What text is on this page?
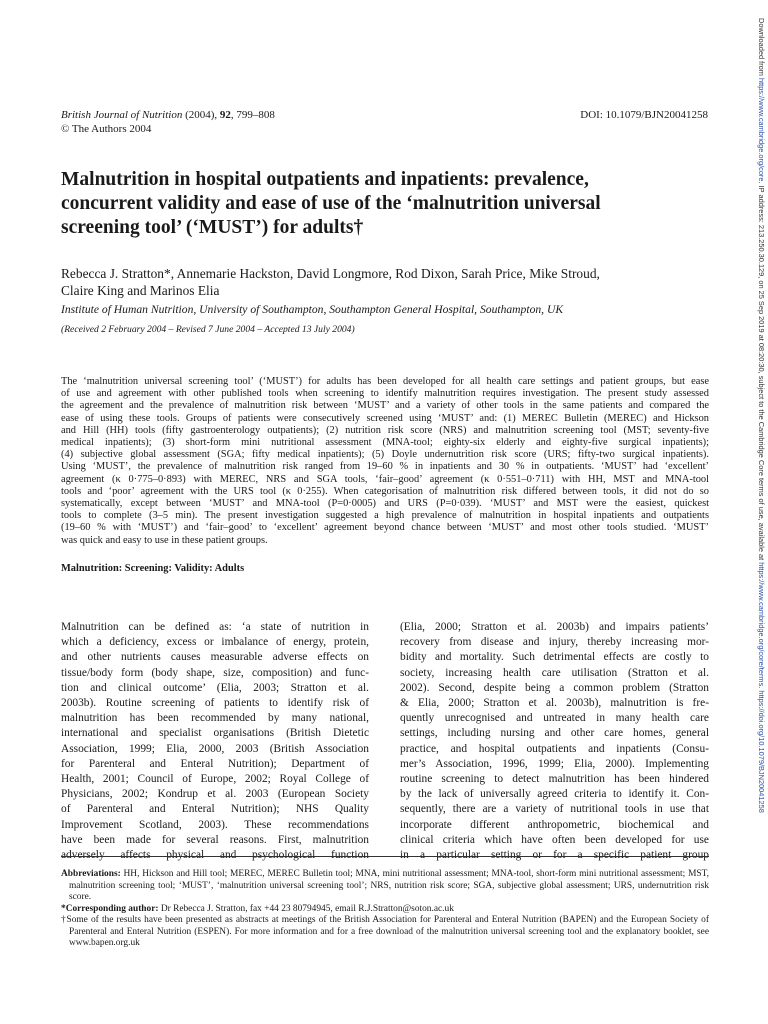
Downloaded from https://www.cambridge.org/core. IP address: 213.250.30.129, on 25 Sep 2019 at 08:20:30, subject to the Cambridge Core terms of use, available at https://www.cambridge.org/core/terms. https://doi.org/10.1079/BJN20041258
British Journal of Nutrition (2004), 92, 799–808
© The Authors 2004
DOI: 10.1079/BJN20041258
Malnutrition in hospital outpatients and inpatients: prevalence,
concurrent validity and ease of use of the ‘malnutrition universal
screening tool’ (‘MUST’) for adults†
Rebecca J. Stratton*, Annemarie Hackston, David Longmore, Rod Dixon, Sarah Price, Mike Stroud,
Claire King and Marinos Elia
Institute of Human Nutrition, University of Southampton, Southampton General Hospital, Southampton, UK
(Received 2 February 2004 – Revised 7 June 2004 – Accepted 13 July 2004)
The ‘malnutrition universal screening tool’ (‘MUST’) for adults has been developed for all health care settings and patient groups, but ease
of use and agreement with other published tools when screening to identify malnutrition requires investigation. The present study assessed
the agreement and the prevalence of malnutrition risk between ‘MUST’ and a variety of other tools in the same patients and compared the
ease of using these tools. Groups of patients were consecutively screened using ‘MUST’ and: (1) MEREC Bulletin (MEREC) and Hickson
and Hill (HH) tools (fifty gastroenterology outpatients); (2) nutrition risk score (NRS) and malnutrition screening tool (MST; seventy-five
medical inpatients); (3) short-form mini nutritional assessment (MNA-tool; eighty-six elderly and eighty-five surgical inpatients);
(4) subjective global assessment (SGA; fifty medical inpatients); (5) Doyle undernutrition risk score (URS; fifty-two surgical inpatients).
Using ‘MUST’, the prevalence of malnutrition risk ranged from 19–60 % in inpatients and 30 % in outpatients. ‘MUST’ had ‘excellent’
agreement (κ 0·775–0·893) with MEREC, NRS and SGA tools, ‘fair–good’ agreement (κ 0·551–0·711) with HH, MST and MNA-tool
tools and ‘poor’ agreement with the URS tool (κ 0·255). When categorisation of malnutrition risk differed between tools, it did not do so
systematically, except between ‘MUST’ and MNA-tool (P=0·0005) and URS (P=0·039). ‘MUST’ and MST were the easiest, quickest
tools to complete (3–5 min). The present investigation suggested a high prevalence of malnutrition in hospital inpatients and outpatients
(19–60 % with ‘MUST’) and ‘fair–good’ to ‘excellent’ agreement beyond chance between ‘MUST’ and most other tools studied. ‘MUST’
was quick and easy to use in these patient groups.
Malnutrition: Screening: Validity: Adults
Malnutrition can be defined as: ‘a state of nutrition in
which a deficiency, excess or imbalance of energy, protein,
and other nutrients causes measurable adverse effects on
tissue/body form (body shape, size, composition) and func-
tion and clinical outcome’ (Elia, 2003; Stratton et al.
2003b). Routine screening of patients to identify risk of
malnutrition has been recommended by many national,
international and specialist organisations (British Dietetic
Association, 1999; Elia, 2000, 2003 (British Association
for Parenteral and Enteral Nutrition); Department of
Health, 2001; Council of Europe, 2002; Royal College of
Physicians, 2002; Kondrup et al. 2003 (European Society
of Parenteral and Enteral Nutrition); NHS Quality
Improvement Scotland, 2003). These recommendations
have been made for several reasons. First, malnutrition
(Elia, 2000; Stratton et al. 2003b) and impairs patients’
recovery from disease and injury, thereby increasing mor-
bidity and mortality. Such detrimental effects are costly to
society, increasing health care utilisation (Stratton et al.
2002). Second, despite being a common problem (Stratton
& Elia, 2000; Stratton et al. 2003b), malnutrition is fre-
quently unrecognised and untreated in many health care
settings, including nursing and other care homes, general
practice, and hospital outpatients and inpatients (Consu-
mer’s Association, 1996, 1999; Elia, 2000). Implementing
routine screening to detect malnutrition has been hindered
by the lack of universally agreed criteria to identify it. Con-
sequently, there are a variety of nutritional tools in use that
incorporate different anthropometric, biochemical and
clinical criteria which have often been developed for use

Abbreviations: HH, Hickson and Hill tool; MEREC, MEREC Bulletin tool; MNA, mini nutritional assessment; MNA-tool, short-form mini nutritional assessment; MST, malnutrition screening tool; ‘MUST’, ‘malnutrition universal screening tool’; NRS, nutrition risk score; SGA, subjective global assessment; URS, undernutrition risk score.

*Corresponding author: Dr Rebecca J. Stratton, fax +44 23 80794945, email R.J.Stratton@soton.ac.uk

†Some of the results have been presented as abstracts at meetings of the British Association for Parenteral and Enteral Nutrition (BAPEN) and the European Society of Parenteral and Enteral Nutrition (ESPEN). For more information and for a free download of the malnutrition universal screening tool and the explanatory booklet, see www.bapen.org.uk
